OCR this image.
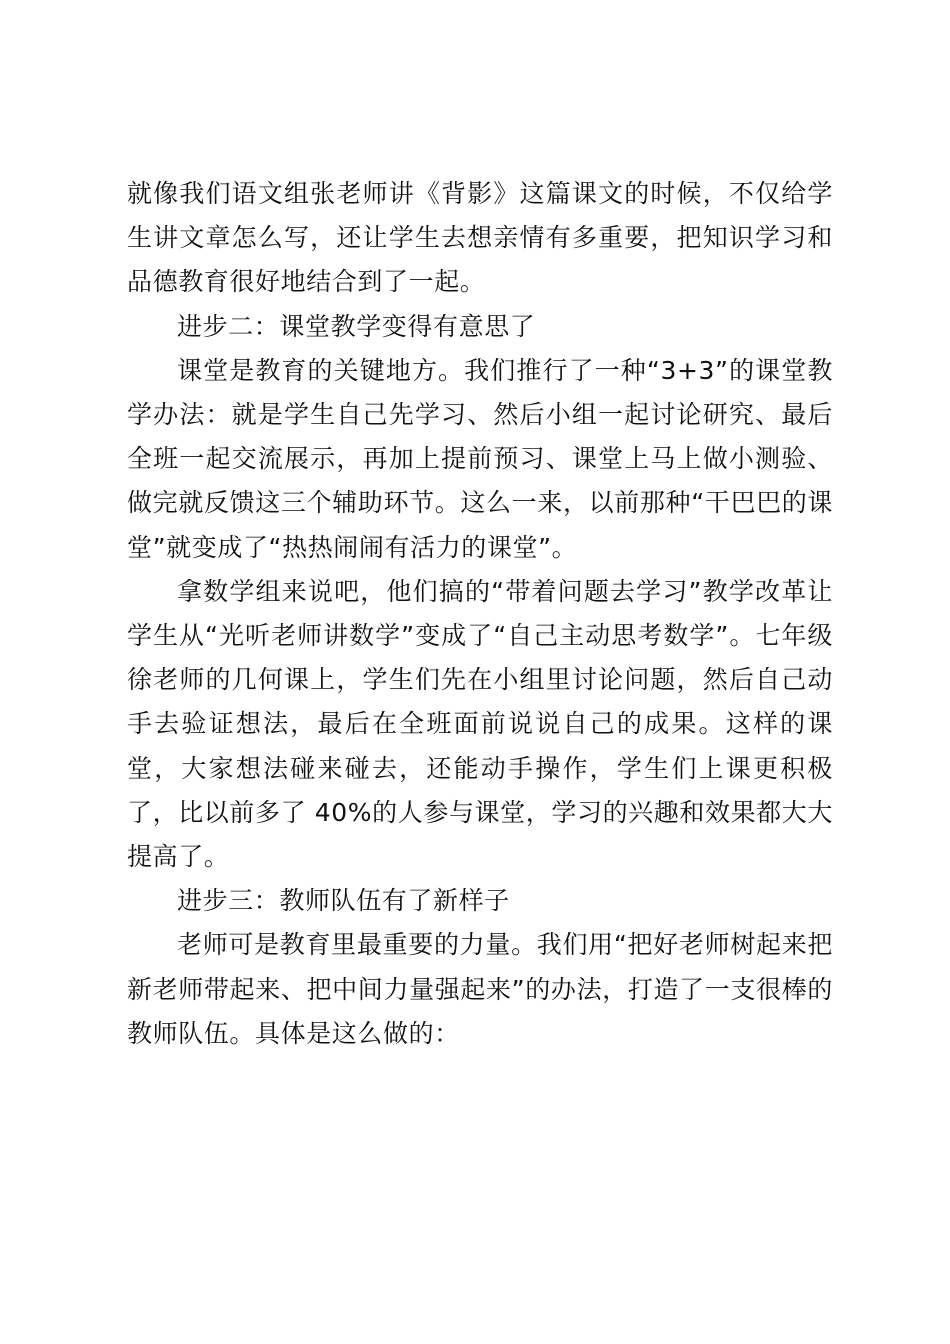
就像我们语文组张老师讲《背影》这篇课文的时候，不仅给学生讲文章怎么写，还让学生去想亲情有多重要，把知识学习和品德教育很好地结合到了一起。

进步二：课堂教学变得有意思了

课堂是教育的关键地方。我们推行了一种“3+3”的课堂教学办法：就是学生自己先学习、然后小组一起讨论研究、最后全班一起交流展示，再加上提前预习、课堂上马上做小测验、做完就反馈这三个辅助环节。这么一来，以前那种“干巴巴的课堂”就变成了“热热闹闹有活力的课堂”。

拿数学组来说吧，他们搞的“带着问题去学习”教学改革让学生从“光听老师讲数学”变成了“自己主动思考数学”。七年级徐老师的几何课上，学生们先在小组里讨论问题，然后自己动手去验证想法，最后在全班面前说说自己的成果。这样的课堂，大家想法碰来碰去，还能动手操作，学生们上课更积极了，比以前多了 40%的人参与课堂，学习的兴趣和效果都大大提高了。

进步三：教师队伍有了新样子

老师可是教育里最重要的力量。我们用“把好老师树起来把新老师带起来、把中间力量强起来”的办法，打造了一支很棒的教师队伍。具体是这么做的：
